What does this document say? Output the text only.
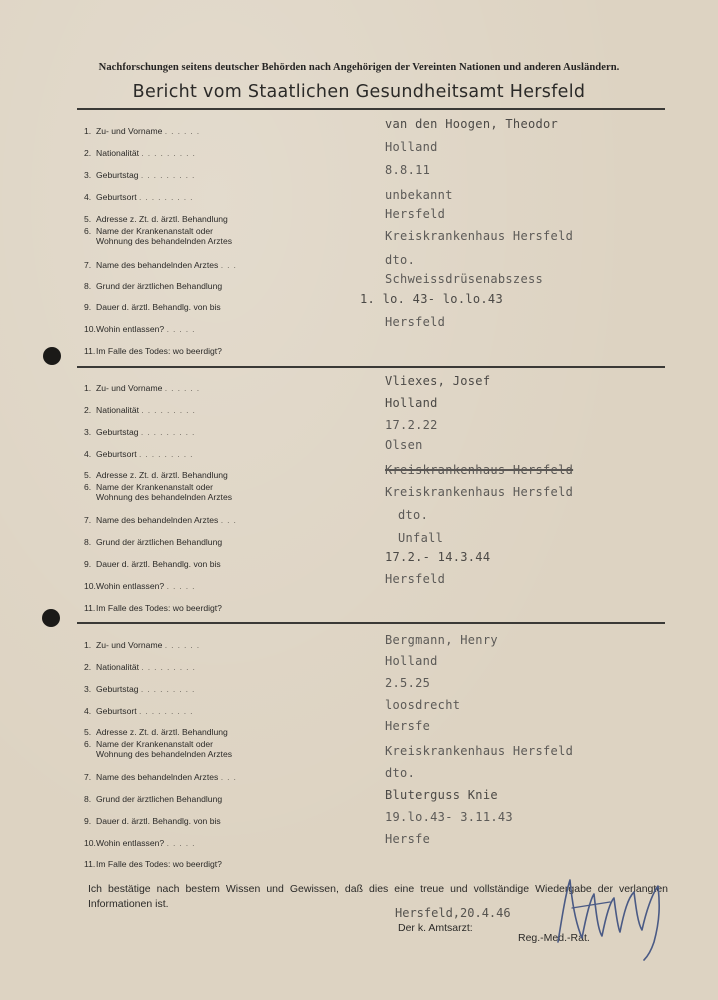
Nachforschungen seitens deutscher Behörden nach Angehörigen der Vereinten Nationen und anderen Ausländern.
Bericht vom Staatlichen Gesundheitsamt Hersfeld
1. Zu- und Vorname ......
2. Nationalität .........
3. Geburtstag .........
4. Geburtsort .........
5. Adresse z. Zt. d. ärztl. Behandlung
6. Name der Krankenanstalt oder
Wohnung des behandelnden Arztes
7. Name des behandelnden Arztes ...
8. Grund der ärztlichen Behandlung
9. Dauer d. ärztl. Behandlg. von bis
10.Wohin entlassen? .....
11.Im Falle des Todes: wo beerdigt?
van den Hoogen, Theodor
Holland
8.8.11
unbekannt
Hersfeld
Kreiskrankenhaus Hersfeld
dto.
Schweissdrüsenabszess
1. lo. 43- lo.lo.43
Hersfeld
1. Zu- und Vorname ......
2. Nationalität .........
3. Geburtstag .........
4. Geburtsort .........
5. Adresse z. Zt. d. ärztl. Behandlung
6. Name der Krankenanstalt oder
Wohnung des behandelnden Arztes
7. Name des behandelnden Arztes ...
8. Grund der ärztlichen Behandlung
9. Dauer d. ärztl. Behandlg. von bis
10.Wohin entlassen? .....
11.Im Falle des Todes: wo beerdigt?
Vliexes, Josef
Holland
17.2.22
Olsen
Kreiskrankenhaus Hersfeld
Kreiskrankenhaus Hersfeld
dto.
Unfall
17.2.- 14.3.44
Hersfeld
1. Zu- und Vorname ......
2. Nationalität .........
3. Geburtstag .........
4. Geburtsort .........
5. Adresse z. Zt. d. ärztl. Behandlung
6. Name der Krankenanstalt oder
Wohnung des behandelnden Arztes
7. Name des behandelnden Arztes ...
8. Grund der ärztlichen Behandlung
9. Dauer d. ärztl. Behandlg. von bis
10.Wohin entlassen? .....
11.Im Falle des Todes: wo beerdigt?
Bergmann, Henry
Holland
2.5.25
loosdrecht
Hersfe
Kreiskrankenhaus Hersfeld
dto.
Bluterguss Knie
19.lo.43- 3.11.43
Hersfe
Ich bestätige nach bestem Wissen und Gewissen, daß dies eine treue und vollständige Wiedergabe der verlangten Informationen ist.
Hersfeld,20.4.46
Der k. Amtsarzt:
Reg.-Med.-Rat.
